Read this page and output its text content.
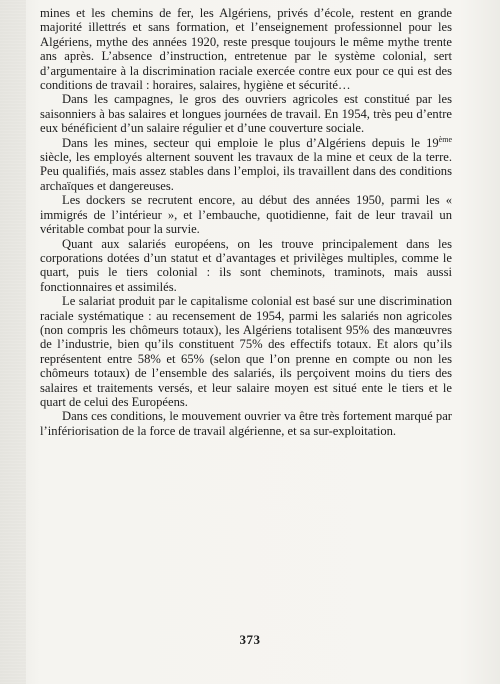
mines et les chemins de fer, les Algériens, privés d’école, restent en grande majorité illettrés et sans formation, et l’enseignement professionnel pour les Algériens, mythe des années 1920, reste presque toujours le même mythe trente ans après. L’absence d’instruction, entretenue par le système colonial, sert d’argumentaire à la discrimination raciale exercée contre eux pour ce qui est des conditions de travail : horaires, salaires, hygiène et sécurité…

Dans les campagnes, le gros des ouvriers agricoles est constitué par les saisonniers à bas salaires et longues journées de travail. En 1954, très peu d’entre eux bénéficient d’un salaire régulier et d’une couverture sociale.

Dans les mines, secteur qui emploie le plus d’Algériens depuis le 19ème siècle, les employés alternent souvent les travaux de la mine et ceux de la terre. Peu qualifiés, mais assez stables dans l’emploi, ils travaillent dans des conditions archaïques et dangereuses.

Les dockers se recrutent encore, au début des années 1950, parmi les « immigrés de l’intérieur », et l’embauche, quotidienne, fait de leur travail un véritable combat pour la survie.

Quant aux salariés européens, on les trouve principalement dans les corporations dotées d’un statut et d’avantages et privilèges multiples, comme le quart, puis le tiers colonial : ils sont cheminots, traminots, mais aussi fonctionnaires et assimilés.

Le salariat produit par le capitalisme colonial est basé sur une discrimination raciale systématique : au recensement de 1954, parmi les salariés non agricoles (non compris les chômeurs totaux), les Algériens totalisent 95% des manœuvres de l’industrie, bien qu’ils constituent 75% des effectifs totaux. Et alors qu’ils représentent entre 58% et 65% (selon que l’on prenne en compte ou non les chômeurs totaux) de l’ensemble des salariés, ils perçoivent moins du tiers des salaires et traitements versés, et leur salaire moyen est situé ente le tiers et le quart de celui des Européens.

Dans ces conditions, le mouvement ouvrier va être très fortement marqué par l’infériorisation de la force de travail algérienne, et sa sur-exploitation.

373
